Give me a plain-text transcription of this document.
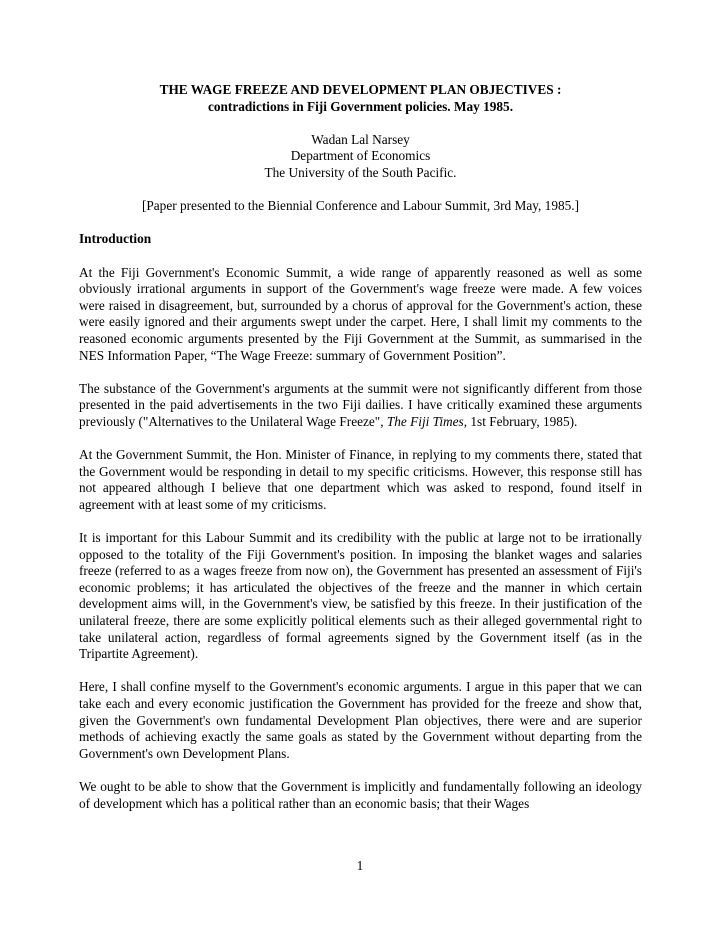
THE WAGE FREEZE AND DEVELOPMENT PLAN OBJECTIVES :
contradictions in Fiji Government policies. May 1985.
Wadan Lal Narsey
Department of Economics
The University of the South Pacific.
[Paper presented to the Biennial Conference and Labour Summit, 3rd May, 1985.]
Introduction

At the Fiji Government's Economic Summit, a wide range of apparently reasoned as well as some obviously irrational arguments in support of the Government's wage freeze were made. A few voices were raised in disagreement, but, surrounded by a chorus of approval for the Government's action, these were easily ignored and their arguments swept under the carpet. Here, I shall limit my comments to the reasoned economic arguments presented by the Fiji Government at the Summit, as summarised in the NES Information Paper, “The Wage Freeze: summary of Government Position”.

The substance of the Government's arguments at the summit were not significantly different from those presented in the paid advertisements in the two Fiji dailies. I have critically examined these arguments previously ("Alternatives to the Unilateral Wage Freeze", The Fiji Times, 1st February, 1985).

At the Government Summit, the Hon. Minister of Finance, in replying to my comments there, stated that the Government would be responding in detail to my specific criticisms. However, this response still has not appeared although I believe that one department which was asked to respond, found itself in agreement with at least some of my criticisms.

It is important for this Labour Summit and its credibility with the public at large not to be irrationally opposed to the totality of the Fiji Government's position. In imposing the blanket wages and salaries freeze (referred to as a wages freeze from now on), the Government has presented an assessment of Fiji's economic problems; it has articulated the objectives of the freeze and the manner in which certain development aims will, in the Government's view, be satisfied by this freeze. In their justification of the unilateral freeze, there are some explicitly political elements such as their alleged governmental right to take unilateral action, regardless of formal agreements signed by the Government itself (as in the Tripartite Agreement).

Here, I shall confine myself to the Government's economic arguments. I argue in this paper that we can take each and every economic justification the Government has provided for the freeze and show that, given the Government's own fundamental Development Plan objectives, there were and are superior methods of achieving exactly the same goals as stated by the Government without departing from the Government's own Development Plans.

We ought to be able to show that the Government is implicitly and fundamentally following an ideology of development which has a political rather than an economic basis; that their Wages

1
